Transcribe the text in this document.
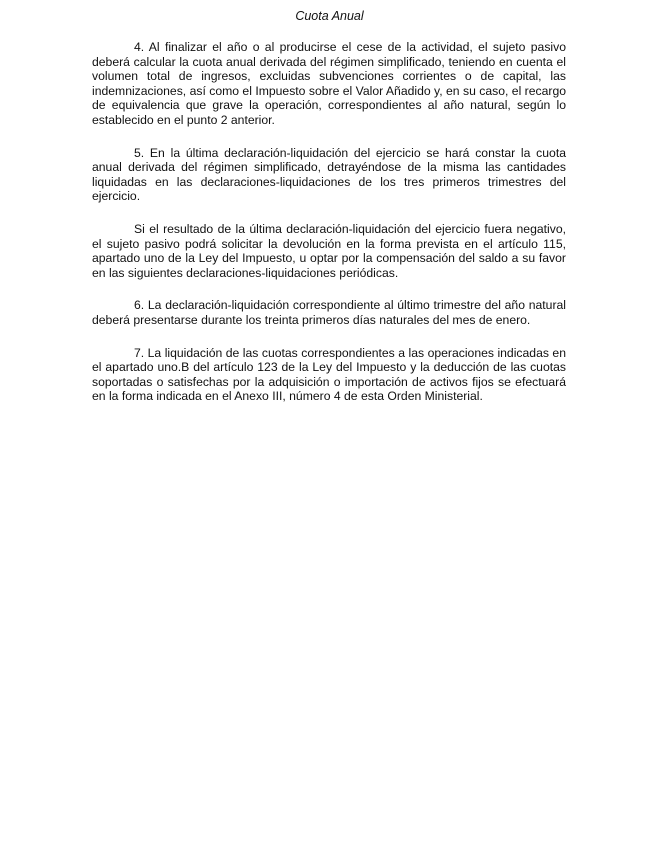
Cuota Anual

4. Al finalizar el año o al producirse el cese de la actividad, el sujeto pasivo deberá calcular la cuota anual derivada del régimen simplificado, teniendo en cuenta el volumen total de ingresos, excluidas subvenciones corrientes o de capital, las indemnizaciones, así como el Impuesto sobre el Valor Añadido y, en su caso, el recargo de equivalencia que grave la operación, correspondientes al año natural, según lo establecido en el punto 2 anterior.

5. En la última declaración-liquidación del ejercicio se hará constar la cuota anual derivada del régimen simplificado, detrayéndose de la misma las cantidades liquidadas en las declaraciones-liquidaciones de los tres primeros trimestres del ejercicio.

Si el resultado de la última declaración-liquidación del ejercicio fuera negativo, el sujeto pasivo podrá solicitar la devolución en la forma prevista en el artículo 115, apartado uno de la Ley del Impuesto, u optar por la compensación del saldo a su favor en las siguientes declaraciones-liquidaciones periódicas.

6. La declaración-liquidación correspondiente al último trimestre del año natural deberá presentarse durante los treinta primeros días naturales del mes de enero.

7. La liquidación de las cuotas correspondientes a las operaciones indicadas en el apartado uno.B del artículo 123 de la Ley del Impuesto y la deducción de las cuotas soportadas o satisfechas por la adquisición o importación de activos fijos se efectuará en la forma indicada en el Anexo III, número 4 de esta Orden Ministerial.
